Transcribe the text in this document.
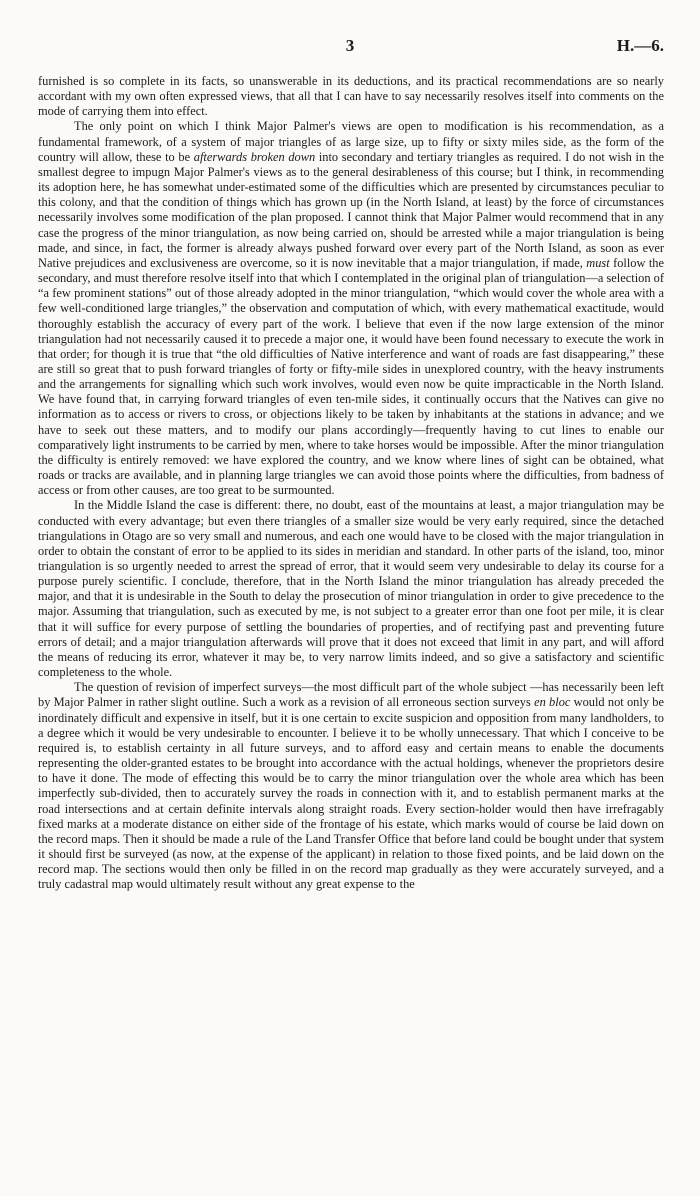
3	H.—6.

furnished is so complete in its facts, so unanswerable in its deductions, and its practical recommendations are so nearly accordant with my own often expressed views, that all that I can have to say necessarily resolves itself into comments on the mode of carrying them into effect.

The only point on which I think Major Palmer's views are open to modification is his recommendation, as a fundamental framework, of a system of major triangles of as large size, up to fifty or sixty miles side, as the form of the country will allow, these to be afterwards broken down into secondary and tertiary triangles as required. I do not wish in the smallest degree to impugn Major Palmer's views as to the general desirableness of this course; but I think, in recommending its adoption here, he has somewhat under-estimated some of the difficulties which are presented by circumstances peculiar to this colony, and that the condition of things which has grown up (in the North Island, at least) by the force of circumstances necessarily involves some modification of the plan proposed. I cannot think that Major Palmer would recommend that in any case the progress of the minor triangulation, as now being carried on, should be arrested while a major triangulation is being made, and since, in fact, the former is already always pushed forward over every part of the North Island, as soon as ever Native prejudices and exclusiveness are overcome, so it is now inevitable that a major triangulation, if made, must follow the secondary, and must therefore resolve itself into that which I contemplated in the original plan of triangulation—a selection of “a few prominent stations” out of those already adopted in the minor triangulation, “which would cover the whole area with a few well-conditioned large triangles,” the observation and computation of which, with every mathematical exactitude, would thoroughly establish the accuracy of every part of the work. I believe that even if the now large extension of the minor triangulation had not necessarily caused it to precede a major one, it would have been found necessary to execute the work in that order; for though it is true that “the old difficulties of Native interference and want of roads are fast disappearing,” these are still so great that to push forward triangles of forty or fifty-mile sides in unexplored country, with the heavy instruments and the arrangements for signalling which such work involves, would even now be quite impracticable in the North Island. We have found that, in carrying forward triangles of even ten-mile sides, it continually occurs that the Natives can give no information as to access or rivers to cross, or objections likely to be taken by inhabitants at the stations in advance; and we have to seek out these matters, and to modify our plans accordingly—frequently having to cut lines to enable our comparatively light instruments to be carried by men, where to take horses would be impossible. After the minor triangulation the difficulty is entirely removed: we have explored the country, and we know where lines of sight can be obtained, what roads or tracks are available, and in planning large triangles we can avoid those points where the difficulties, from badness of access or from other causes, are too great to be surmounted.

In the Middle Island the case is different: there, no doubt, east of the mountains at least, a major triangulation may be conducted with every advantage; but even there triangles of a smaller size would be very early required, since the detached triangulations in Otago are so very small and numerous, and each one would have to be closed with the major triangulation in order to obtain the constant of error to be applied to its sides in meridian and standard. In other parts of the island, too, minor triangulation is so urgently needed to arrest the spread of error, that it would seem very undesirable to delay its course for a purpose purely scientific. I conclude, therefore, that in the North Island the minor triangulation has already preceded the major, and that it is undesirable in the South to delay the prosecution of minor triangulation in order to give precedence to the major. Assuming that triangulation, such as executed by me, is not subject to a greater error than one foot per mile, it is clear that it will suffice for every purpose of settling the boundaries of properties, and of rectifying past and preventing future errors of detail; and a major triangulation afterwards will prove that it does not exceed that limit in any part, and will afford the means of reducing its error, whatever it may be, to very narrow limits indeed, and so give a satisfactory and scientific completeness to the whole.

The question of revision of imperfect surveys—the most difficult part of the whole subject —has necessarily been left by Major Palmer in rather slight outline. Such a work as a revision of all erroneous section surveys en bloc would not only be inordinately difficult and expensive in itself, but it is one certain to excite suspicion and opposition from many landholders, to a degree which it would be very undesirable to encounter. I believe it to be wholly unnecessary. That which I conceive to be required is, to establish certainty in all future surveys, and to afford easy and certain means to enable the documents representing the older-granted estates to be brought into accordance with the actual holdings, whenever the proprietors desire to have it done. The mode of effecting this would be to carry the minor triangulation over the whole area which has been imperfectly sub-divided, then to accurately survey the roads in connection with it, and to establish permanent marks at the road intersections and at certain definite intervals along straight roads. Every section-holder would then have irrefragably fixed marks at a moderate distance on either side of the frontage of his estate, which marks would of course be laid down on the record maps. Then it should be made a rule of the Land Transfer Office that before land could be bought under that system it should first be surveyed (as now, at the expense of the applicant) in relation to those fixed points, and be laid down on the record map. The sections would then only be filled in on the record map gradually as they were accurately surveyed, and a truly cadastral map would ultimately result without any great expense to the
